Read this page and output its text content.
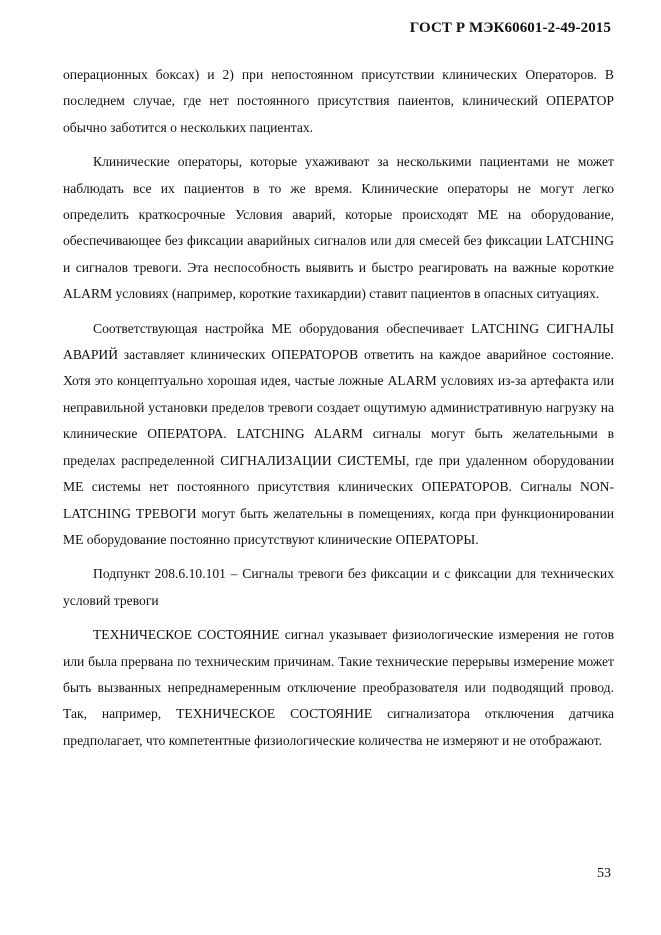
ГОСТ Р МЭК60601-2-49-2015

операционных боксах) и 2) при непостоянном присутствии клинических Операторов. В последнем случае, где нет постоянного присутствия паиентов, клинический ОПЕРАТОР обычно заботится о нескольких пациентах.

Клинические операторы, которые ухаживают за несколькими пациентами не может наблюдать все их пациентов в то же время. Клинические операторы не могут легко определить краткосрочные Условия аварий, которые происходят ME на оборудование, обеспечивающее без фиксации аварийных сигналов или для смесей без фиксации LATCHING и сигналов тревоги. Эта неспособность выявить и быстро реагировать на важные короткие ALARM условиях (например, короткие тахикардии) ставит пациентов в опасных ситуациях.

Соответствующая настройка ME оборудования обеспечивает LATCHING СИГНАЛЫ АВАРИЙ заставляет клинических ОПЕРАТОРОВ ответить на каждое аварийное состояние. Хотя это концептуально хорошая идея, частые ложные ALARM условиях из-за артефакта или неправильной установки пределов тревоги создает ощутимую административную нагрузку на клинические ОПЕРАТОРА. LATCHING ALARM сигналы могут быть желательными в пределах распределенной СИГНАЛИЗАЦИИ СИСТЕМЫ, где при удаленном оборудовании ME системы нет постоянного присутствия клинических ОПЕРАТОРОВ. Сигналы NON-LATCHING ТРЕВОГИ могут быть желательны в помещениях, когда при функционировании ME оборудование постоянно присутствуют клинические ОПЕРАТОРЫ.

Подпункт 208.6.10.101 – Сигналы тревоги без фиксации и с фиксации для технических условий тревоги

ТЕХНИЧЕСКОЕ СОСТОЯНИЕ сигнал указывает физиологические измерения не готов или была прервана по техническим причинам. Такие технические перерывы измерение может быть вызванных непреднамеренным отключение преобразователя или подводящий провод. Так, например, ТЕХНИЧЕСКОЕ СОСТОЯНИЕ сигнализатора отключения датчика предполагает, что компетентные физиологические количества не измеряют и не отображают.

53
